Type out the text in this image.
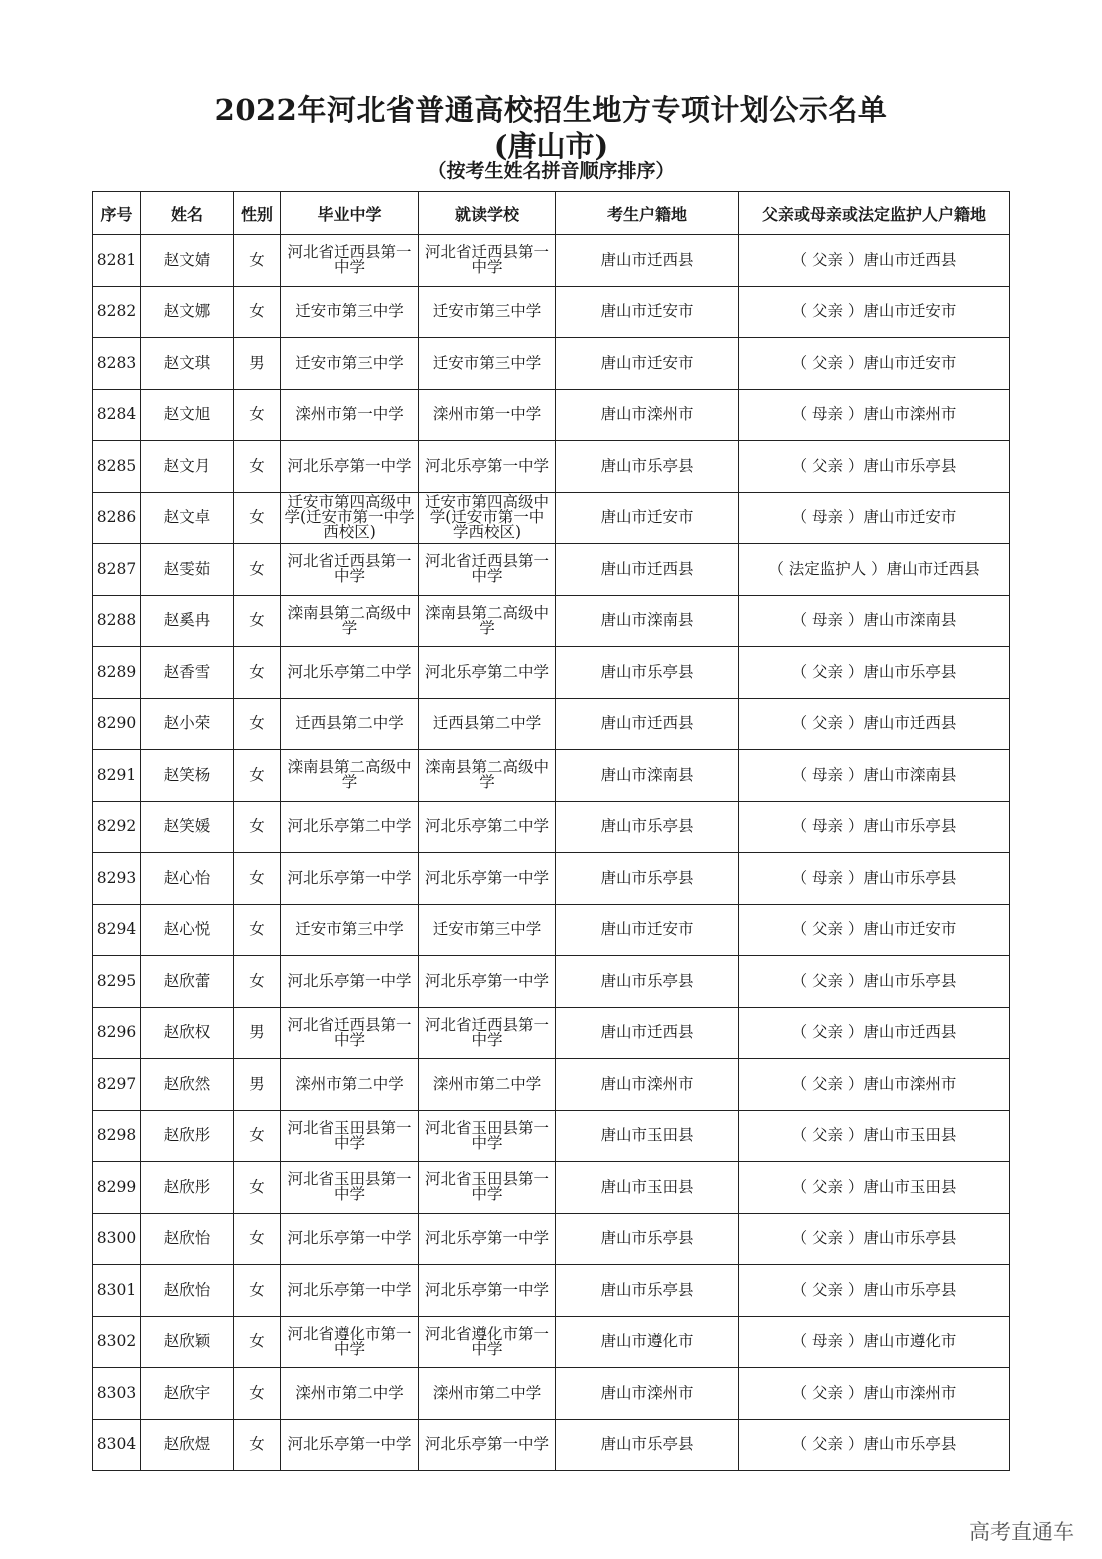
2022年河北省普通高校招生地方专项计划公示名单
(唐山市)
（按考生姓名拼音顺序排序）
序号	姓名	性别	毕业中学	就读学校	考生户籍地	父亲或母亲或法定监护人户籍地
8281	赵文婧	女	河北省迁西县第一中学	河北省迁西县第一中学	唐山市迁西县	（ 父亲 ）唐山市迁西县
8282	赵文娜	女	迁安市第三中学	迁安市第三中学	唐山市迁安市	（ 父亲 ）唐山市迁安市
8283	赵文琪	男	迁安市第三中学	迁安市第三中学	唐山市迁安市	（ 父亲 ）唐山市迁安市
8284	赵文旭	女	滦州市第一中学	滦州市第一中学	唐山市滦州市	（ 母亲 ）唐山市滦州市
8285	赵文月	女	河北乐亭第一中学	河北乐亭第一中学	唐山市乐亭县	（ 父亲 ）唐山市乐亭县
8286	赵文卓	女	迁安市第四高级中学(迁安市第一中学西校区)	迁安市第四高级中学(迁安市第一中学西校区)	唐山市迁安市	（ 母亲 ）唐山市迁安市
8287	赵雯茹	女	河北省迁西县第一中学	河北省迁西县第一中学	唐山市迁西县	（ 法定监护人 ）唐山市迁西县
8288	赵奚冉	女	滦南县第二高级中学	滦南县第二高级中学	唐山市滦南县	（ 母亲 ）唐山市滦南县
8289	赵香雪	女	河北乐亭第二中学	河北乐亭第二中学	唐山市乐亭县	（ 父亲 ）唐山市乐亭县
8290	赵小荣	女	迁西县第二中学	迁西县第二中学	唐山市迁西县	（ 父亲 ）唐山市迁西县
8291	赵笑杨	女	滦南县第二高级中学	滦南县第二高级中学	唐山市滦南县	（ 母亲 ）唐山市滦南县
8292	赵笑媛	女	河北乐亭第二中学	河北乐亭第二中学	唐山市乐亭县	（ 母亲 ）唐山市乐亭县
8293	赵心怡	女	河北乐亭第一中学	河北乐亭第一中学	唐山市乐亭县	（ 母亲 ）唐山市乐亭县
8294	赵心悦	女	迁安市第三中学	迁安市第三中学	唐山市迁安市	（ 父亲 ）唐山市迁安市
8295	赵欣蕾	女	河北乐亭第一中学	河北乐亭第一中学	唐山市乐亭县	（ 父亲 ）唐山市乐亭县
8296	赵欣权	男	河北省迁西县第一中学	河北省迁西县第一中学	唐山市迁西县	（ 父亲 ）唐山市迁西县
8297	赵欣然	男	滦州市第二中学	滦州市第二中学	唐山市滦州市	（ 父亲 ）唐山市滦州市
8298	赵欣彤	女	河北省玉田县第一中学	河北省玉田县第一中学	唐山市玉田县	（ 父亲 ）唐山市玉田县
8299	赵欣彤	女	河北省玉田县第一中学	河北省玉田县第一中学	唐山市玉田县	（ 父亲 ）唐山市玉田县
8300	赵欣怡	女	河北乐亭第一中学	河北乐亭第一中学	唐山市乐亭县	（ 父亲 ）唐山市乐亭县
8301	赵欣怡	女	河北乐亭第一中学	河北乐亭第一中学	唐山市乐亭县	（ 父亲 ）唐山市乐亭县
8302	赵欣颖	女	河北省遵化市第一中学	河北省遵化市第一中学	唐山市遵化市	（ 母亲 ）唐山市遵化市
8303	赵欣宇	女	滦州市第二中学	滦州市第二中学	唐山市滦州市	（ 父亲 ）唐山市滦州市
8304	赵欣煜	女	河北乐亭第一中学	河北乐亭第一中学	唐山市乐亭县	（ 父亲 ）唐山市乐亭县
高考直通车
